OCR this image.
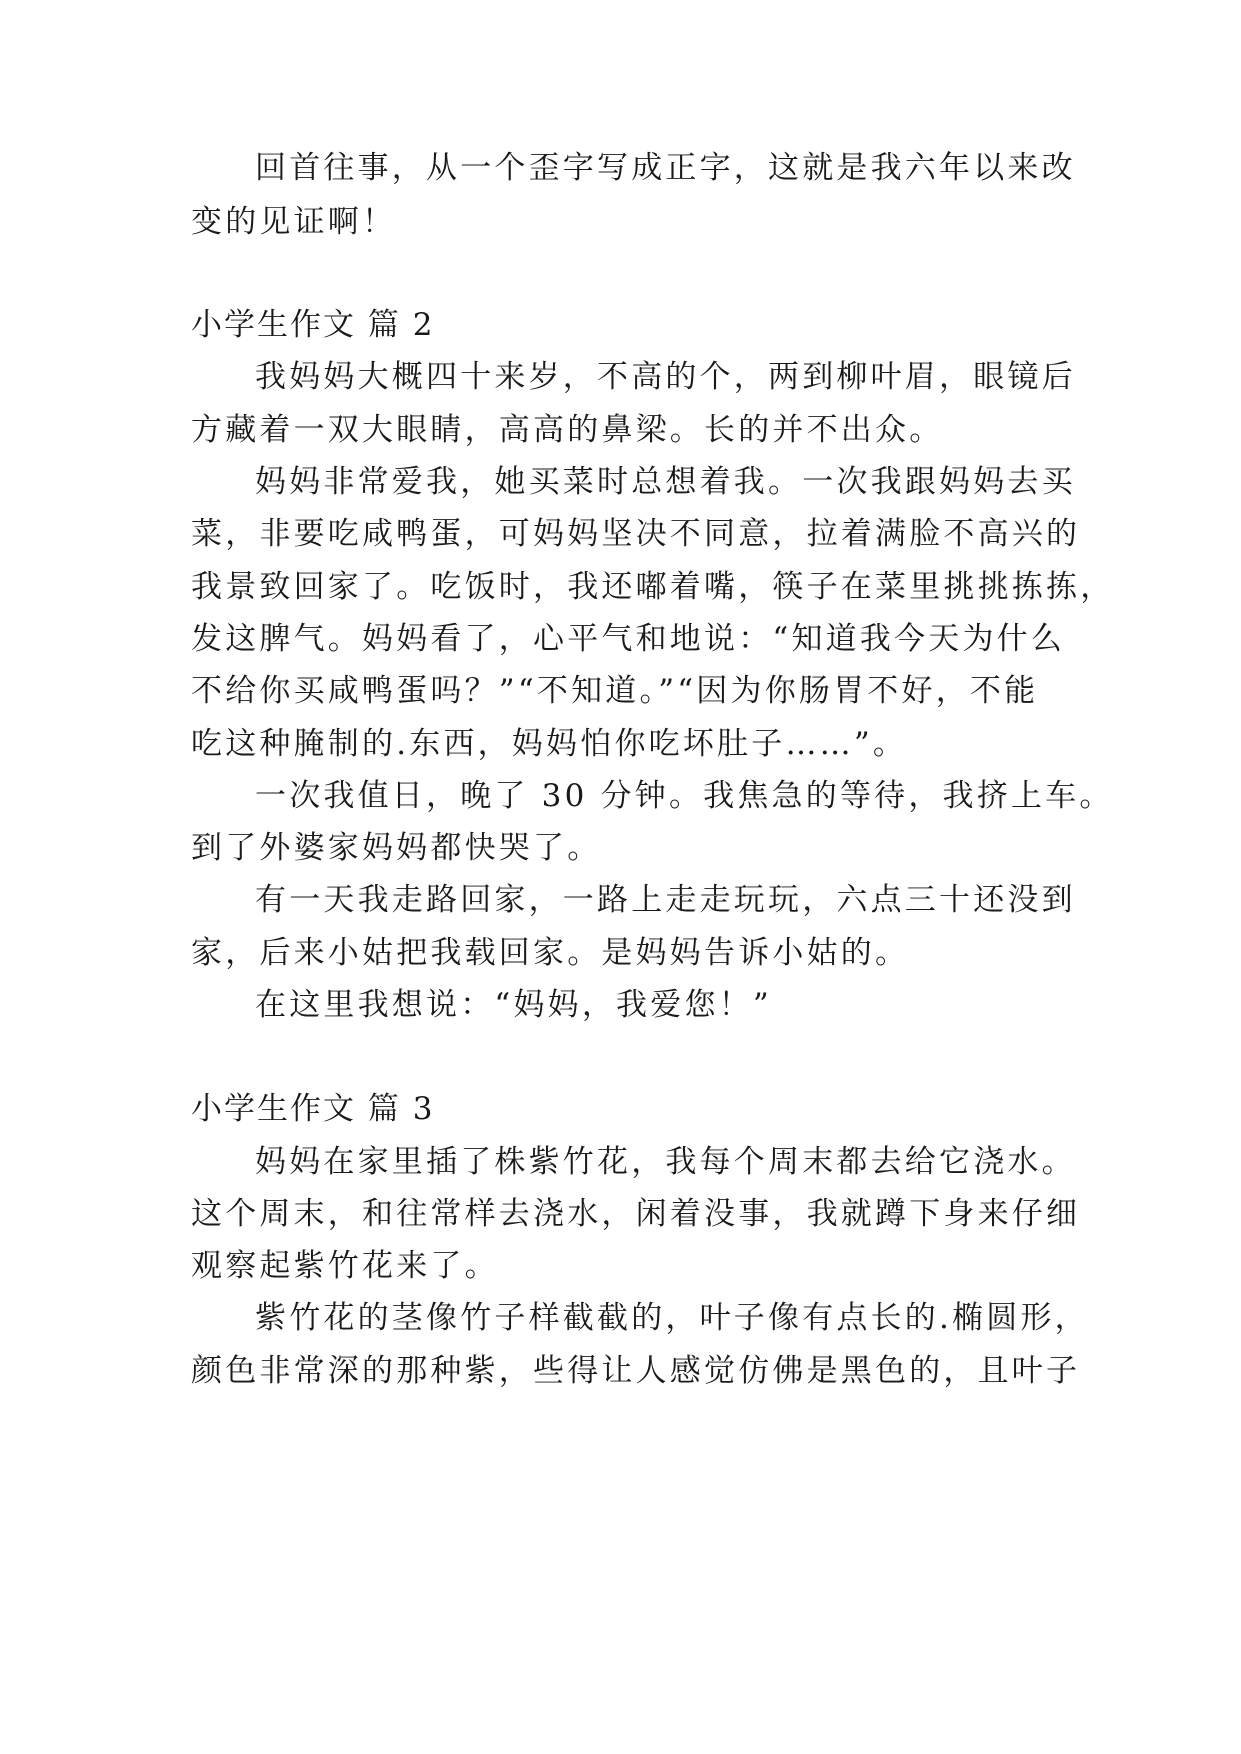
回首往事，从一个歪字写成正字，这就是我六年以来改
变的见证啊！
小学生作文 篇 2
我妈妈大概四十来岁，不高的个，两到柳叶眉，眼镜后
方藏着一双大眼睛，高高的鼻梁。长的并不出众。
妈妈非常爱我，她买菜时总想着我。一次我跟妈妈去买
菜，非要吃咸鸭蛋，可妈妈坚决不同意，拉着满脸不高兴的
我景致回家了。吃饭时，我还嘟着嘴，筷子在菜里挑挑拣拣，
发这脾气。妈妈看了，心平气和地说：“知道我今天为什么
不给你买咸鸭蛋吗？”“不知道。”“因为你肠胃不好，不能
吃这种腌制的.东西，妈妈怕你吃坏肚子……”。
一次我值日，晚了 30 分钟。我焦急的等待，我挤上车。
到了外婆家妈妈都快哭了。
有一天我走路回家，一路上走走玩玩，六点三十还没到
家，后来小姑把我载回家。是妈妈告诉小姑的。
在这里我想说：“妈妈，我爱您！”
小学生作文 篇 3
妈妈在家里插了株紫竹花，我每个周末都去给它浇水。
这个周末，和往常样去浇水，闲着没事，我就蹲下身来仔细
观察起紫竹花来了。
紫竹花的茎像竹子样截截的，叶子像有点长的.椭圆形，
颜色非常深的那种紫，些得让人感觉仿佛是黑色的，且叶子
